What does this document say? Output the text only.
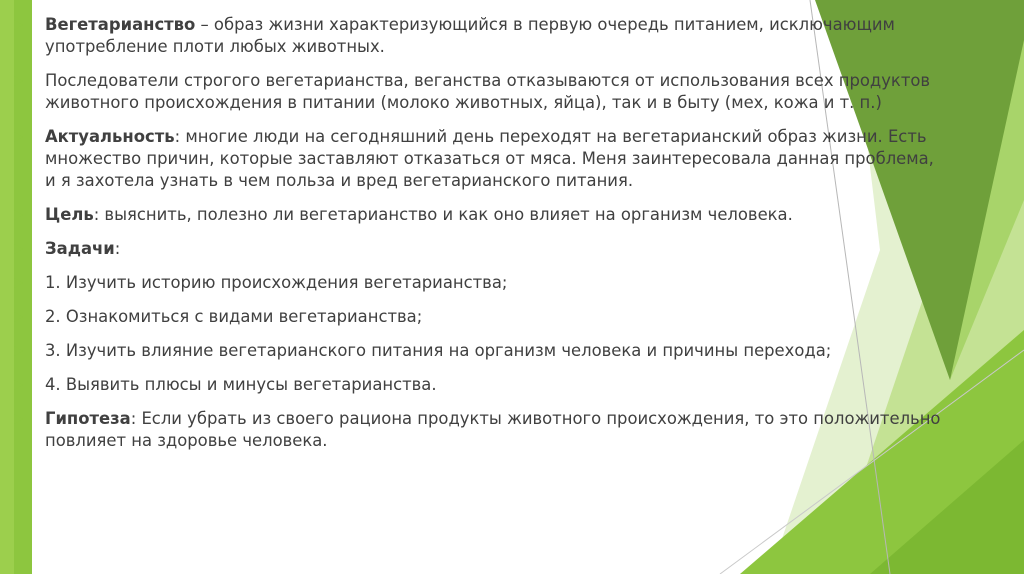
Вегетарианство – образ жизни характеризующийся в первую очередь питанием, исключающим употребление плоти любых животных.
Последователи строгого вегетарианства, веганства отказываются от использования всех продуктов животного происхождения в питании (молоко животных, яйца), так и в быту (мех, кожа и т. п.)
Актуальность: многие люди на сегодняшний день переходят на вегетарианский образ жизни. Есть множество причин, которые заставляют отказаться от мяса. Меня заинтересовала данная проблема, и я захотела узнать в чем польза и вред вегетарианского питания.
Цель: выяснить, полезно ли вегетарианство и как оно влияет на организм человека.
Задачи:
1. Изучить историю происхождения вегетарианства;
2. Ознакомиться с видами вегетарианства;
3. Изучить влияние вегетарианского питания на организм человека и причины перехода;
4. Выявить плюсы и минусы вегетарианства.
Гипотеза: Если убрать из своего рациона продукты животного происхождения, то это положительно повлияет на здоровье человека.
